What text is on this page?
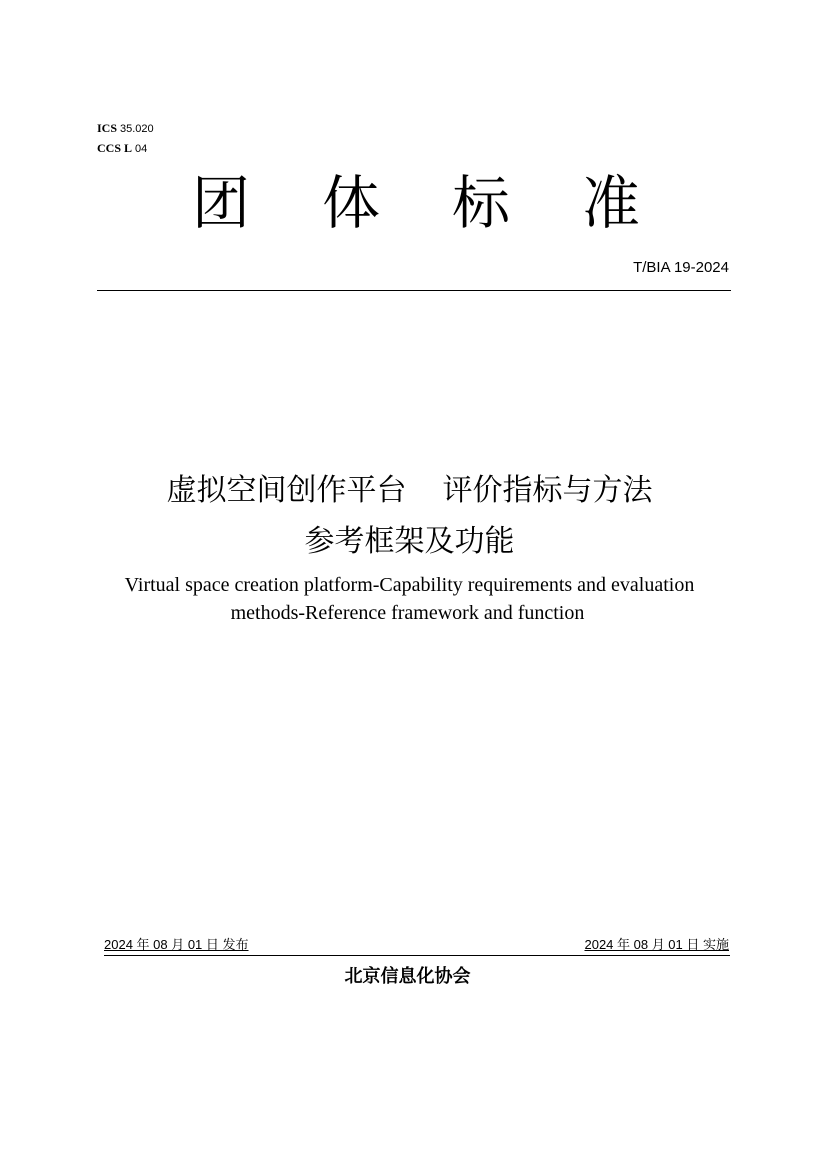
ICS 35.020
CCS L 04
团 体 标 准
T/BIA 19-2024
虚拟空间创作平台 评价指标与方法
参考框架及功能
Virtual space creation platform-Capability requirements and evaluation
methods-Reference framework and function
2024 年 08 月 01 日 发布	2024 年 08 月 01 日 实施
北京信息化协会
